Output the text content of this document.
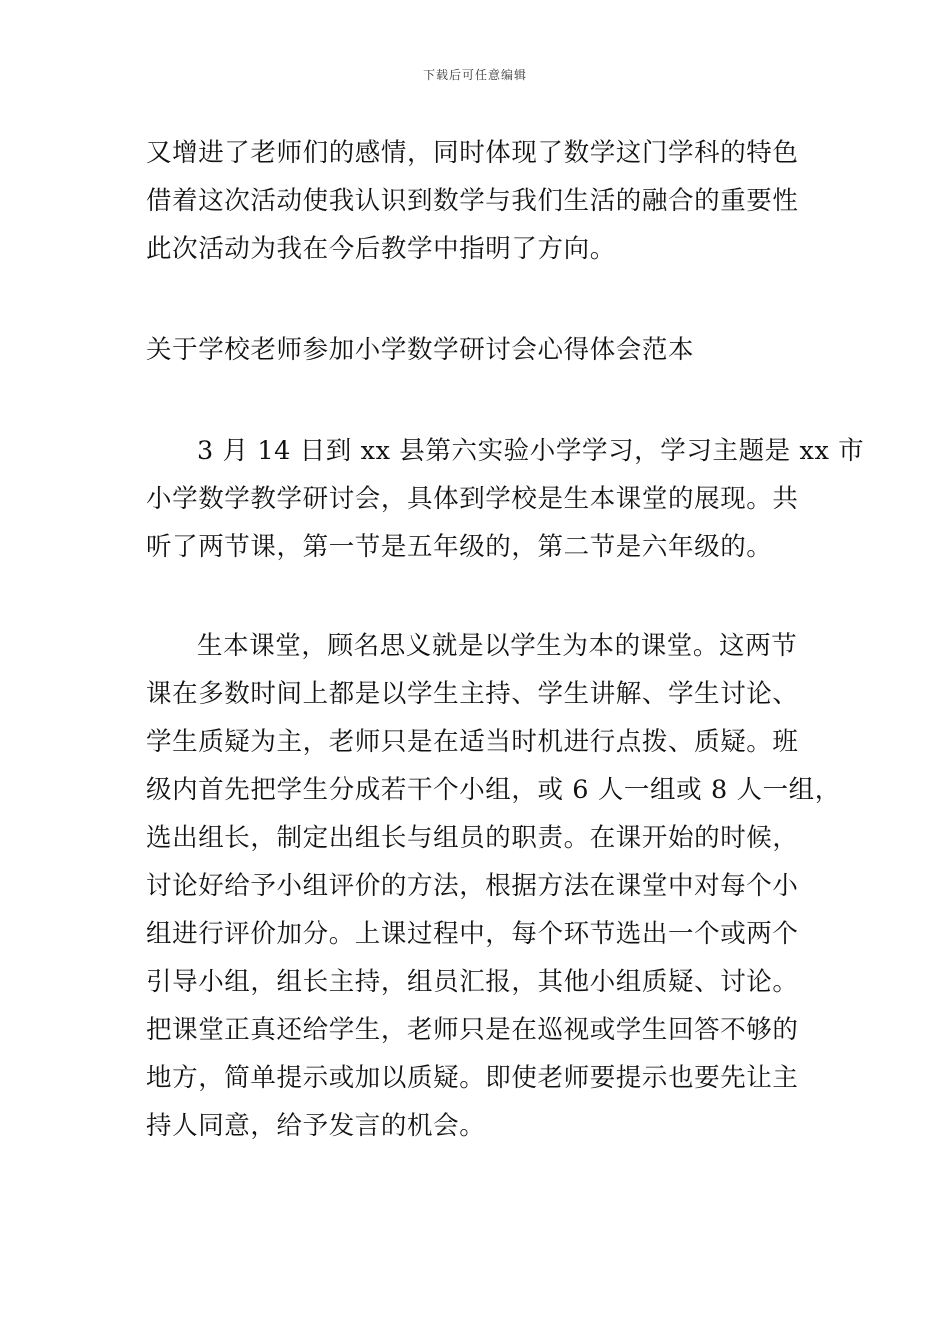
下载后可任意编辑
又增进了老师们的感情，同时体现了数学这门学科的特色
借着这次活动使我认识到数学与我们生活的融合的重要性
此次活动为我在今后教学中指明了方向。
关于学校老师参加小学数学研讨会心得体会范本
3 月 14 日到 xx 县第六实验小学学习，学习主题是 xx 市
小学数学教学研讨会，具体到学校是生本课堂的展现。共
听了两节课，第一节是五年级的，第二节是六年级的。
生本课堂，顾名思义就是以学生为本的课堂。这两节
课在多数时间上都是以学生主持、学生讲解、学生讨论、
学生质疑为主，老师只是在适当时机进行点拨、质疑。班
级内首先把学生分成若干个小组，或 6 人一组或 8 人一组，
选出组长，制定出组长与组员的职责。在课开始的时候，
讨论好给予小组评价的方法，根据方法在课堂中对每个小
组进行评价加分。上课过程中，每个环节选出一个或两个
引导小组，组长主持，组员汇报，其他小组质疑、讨论。
把课堂正真还给学生，老师只是在巡视或学生回答不够的
地方，简单提示或加以质疑。即使老师要提示也要先让主
持人同意，给予发言的机会。
